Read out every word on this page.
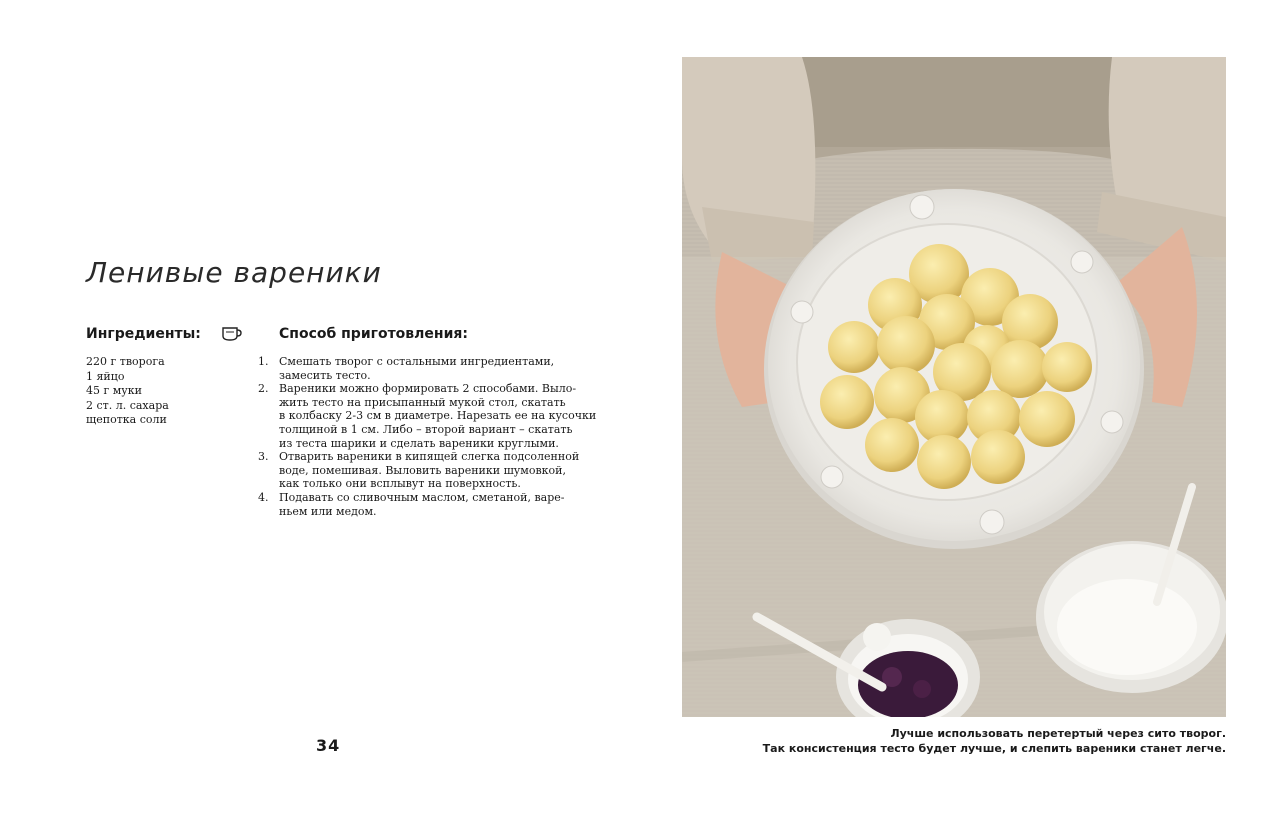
Ленивые вареники
Ингредиенты:
220 г творога
1 яйцо
45 г муки
2 ст. л. сахара
щепотка соли
Способ приготовления:
1. Смешать творог с остальными ингредиентами,
замесить тесто.
2. Вареники можно формировать 2 способами. Выло-
жить тесто на присыпанный мукой стол, скатать
в колбаску 2-3 см в диаметре. Нарезать ее на кусочки
толщиной в 1 см. Либо – второй вариант – скатать
из теста шарики и сделать вареники круглыми.
3. Отварить вареники в кипящей слегка подсоленной
воде, помешивая. Выловить вареники шумовкой,
как только они всплывут на поверхность.
4. Подавать со сливочным маслом, сметаной, варе-
ньем или медом.
34
Лучше использовать перетертый через сито творог.
Так консистенция тесто будет лучше, и слепить вареники станет легче.
